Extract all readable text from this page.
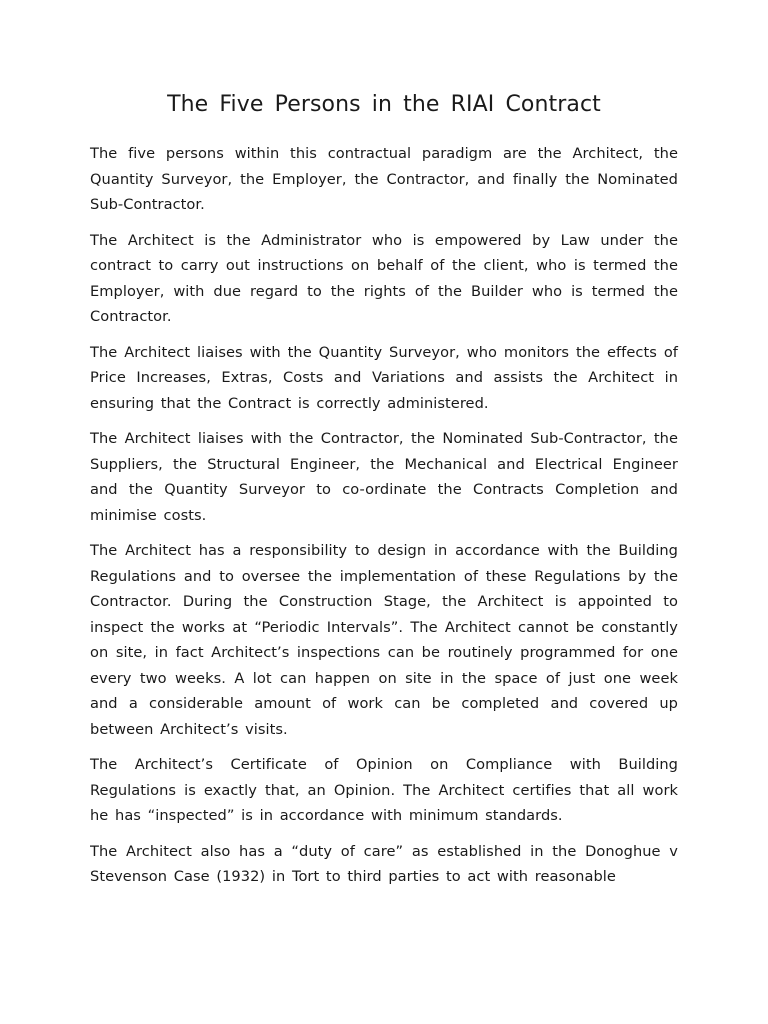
The Five Persons in the RIAI Contract

The five persons within this contractual paradigm are the Architect, the Quantity Surveyor, the Employer, the Contractor, and finally the Nominated Sub-Contractor.

The Architect is the Administrator who is empowered by Law under the contract to carry out instructions on behalf of the client, who is termed the Employer, with due regard to the rights of the Builder who is termed the Contractor.

The Architect liaises with the Quantity Surveyor, who monitors the effects of Price Increases, Extras, Costs and Variations and assists the Architect in ensuring that the Contract is correctly administered.

The Architect liaises with the Contractor, the Nominated Sub-Contractor, the Suppliers, the Structural Engineer, the Mechanical and Electrical Engineer and the Quantity Surveyor to co-ordinate the Contracts Completion and minimise costs.

The Architect has a responsibility to design in accordance with the Building Regulations and to oversee the implementation of these Regulations by the Contractor. During the Construction Stage, the Architect is appointed to inspect the works at “Periodic Intervals”. The Architect cannot be constantly on site, in fact Architect’s inspections can be routinely programmed for one every two weeks. A lot can happen on site in the space of just one week and a considerable amount of work can be completed and covered up between Architect’s visits.

The Architect’s Certificate of Opinion on Compliance with Building Regulations is exactly that, an Opinion. The Architect certifies that all work he has “inspected” is in accordance with minimum standards.

The Architect also has a “duty of care” as established in the Donoghue v Stevenson Case (1932) in Tort to third parties to act with reasonable
